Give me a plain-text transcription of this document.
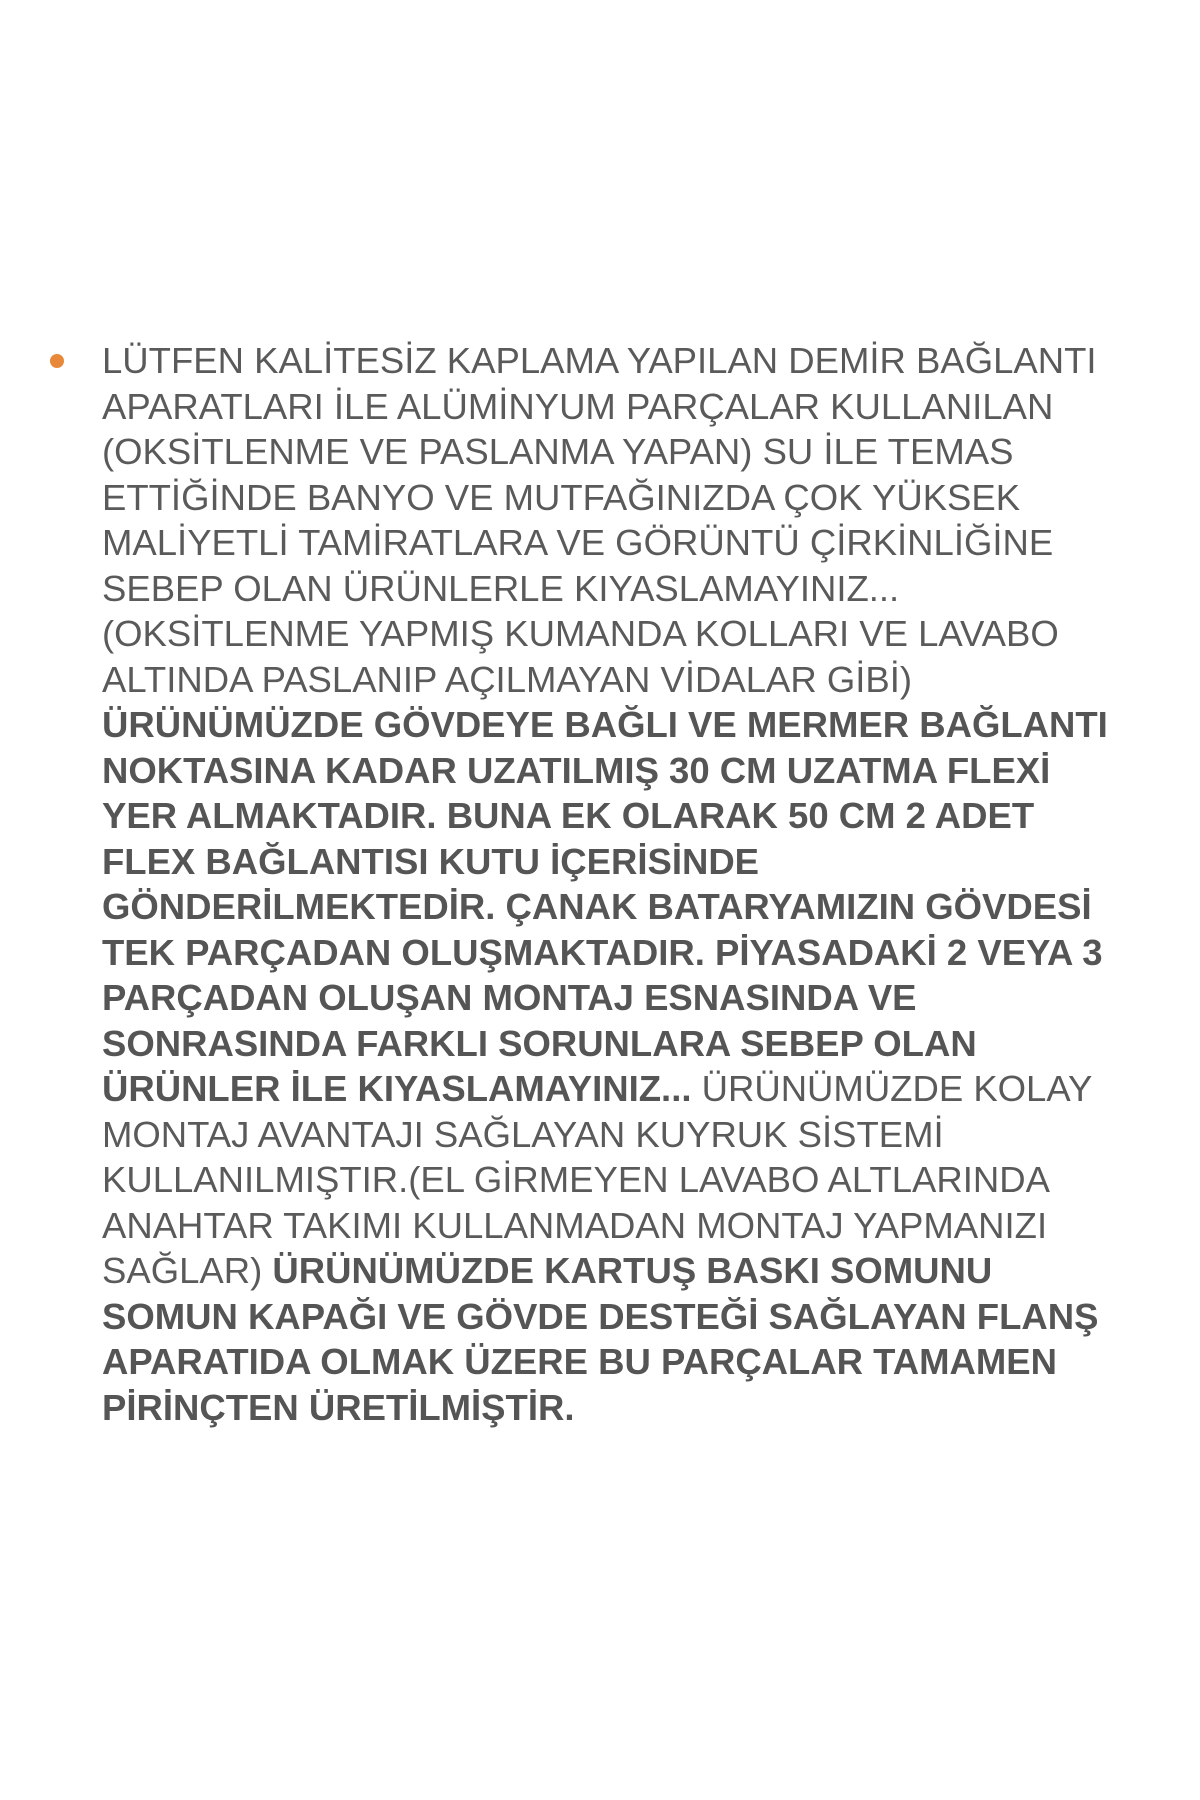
LÜTFEN KALİTESİZ KAPLAMA YAPILAN DEMİR BAĞLANTI
APARATLARI İLE ALÜMİNYUM PARÇALAR KULLANILAN
(OKSİTLENME VE PASLANMA YAPAN) SU İLE TEMAS
ETTİĞİNDE BANYO VE MUTFAĞINIZDA ÇOK YÜKSEK
MALİYETLİ TAMİRATLARA VE GÖRÜNTÜ ÇİRKİNLİĞİNE
SEBEP OLAN ÜRÜNLERLE KIYASLAMAYINIZ...
(OKSİTLENME YAPMIŞ KUMANDA KOLLARI VE LAVABO
ALTINDA PASLANIP AÇILMAYAN VİDALAR GİBİ)
ÜRÜNÜMÜZDE GÖVDEYE BAĞLI VE MERMER BAĞLANTI
NOKTASINA KADAR UZATILMIŞ 30 CM UZATMA FLEXİ
YER ALMAKTADIR. BUNA EK OLARAK 50 CM 2 ADET
FLEX BAĞLANTISI KUTU İÇERİSİNDE
GÖNDERİLMEKTEDİR. ÇANAK BATARYAMIZIN GÖVDESİ
TEK PARÇADAN OLUŞMAKTADIR. PİYASADAKİ 2 VEYA 3
PARÇADAN OLUŞAN MONTAJ ESNASINDA VE
SONRASINDA FARKLI SORUNLARA SEBEP OLAN
ÜRÜNLER İLE KIYASLAMAYINIZ... ÜRÜNÜMÜZDE KOLAY
MONTAJ AVANTAJI SAĞLAYAN KUYRUK SİSTEMİ
KULLANILMIŞTIR.(EL GİRMEYEN LAVABO ALTLARINDA
ANAHTAR TAKIMI KULLANMADAN MONTAJ YAPMANIZI
SAĞLAR) ÜRÜNÜMÜZDE KARTUŞ BASKI SOMUNU
SOMUN KAPAĞI VE GÖVDE DESTEĞİ SAĞLAYAN FLANŞ
APARATIDA OLMAK ÜZERE BU PARÇALAR TAMAMEN
PİRİNÇTEN ÜRETİLMİŞTİR.
